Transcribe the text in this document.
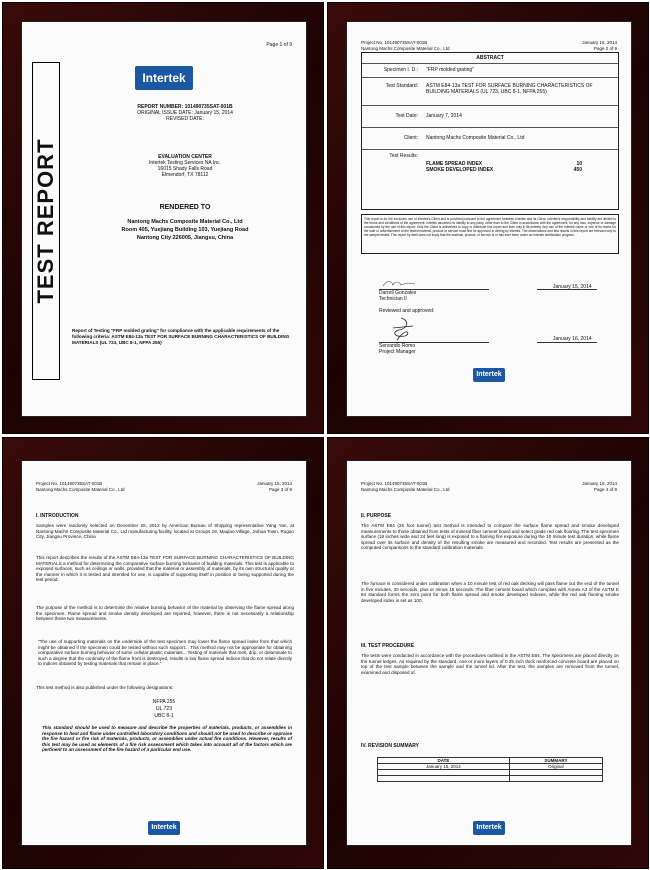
Page 1 of 9
Intertek
TEST REPORT
REPORT NUMBER: 101490735SAT-001B
ORIGINAL ISSUE DATE: January 15, 2014
REVISED DATE:
EVALUATION CENTER
Intertek Testing Services NA Inc.
16015 Shady Falls Road
Elmendorf, TX 78112
RENDERED TO
Nantong Machs Composite Material Co., Ltd
Room 405, Yuejiang Building 103, Yuejiang Road
Nantong City 226005, Jiangsu, China
Report of Testing "FRP molded grating" for compliance with the applicable requirements of the following criteria: ASTM E84-13a TEST FOR SURFACE BURNING CHARACTERISTICS OF BUILDING MATERIALS (UL 723, UBC 8-1, NFPA 255)
Project No. 101490735SAT-001B
Nantong Machs Composite Material Co., Ltd
January 15, 2014
Page 2 of 9
ABSTRACT
Specimen I. D.: "FRP molded grating"
Test Standard: ASTM E84-13a TEST FOR SURFACE BURNING CHARACTERISTICS OF BUILDING MATERIALS (UL 723, UBC 8-1, NFPA 255)
Test Date: January 7, 2014
Client: Nantong Machs Composite Material Co., Ltd
Test Results:
FLAME SPREAD INDEX	10
SMOKE DEVELOPED INDEX	450
This report is for the exclusive use of Intertek's Client and is provided pursuant to the agreement between Intertek and its Client. Intertek's responsibility and liability are limited to the terms and conditions of the agreement. Intertek assumes no liability to any party, other than to the Client in accordance with the agreement, for any loss, expense or damage occasioned by the use of this report. Only the Client is authorized to copy or distribute this report and then only in its entirety. Any use of the Intertek name or one of its marks for the sale or advertisement of the tested material, product or service must first be approved in writing by Intertek. The observations and test results in this report are relevant only to the sample tested. This report by itself does not imply that the material, product, or service is or has ever been under an Intertek certification program.
Darrell Gonzales
Technician II
January 15, 2014
Reviewed and approved:
Servando Romo
Project Manager
January 16, 2014
Intertek
Project No. 101490735SAT-001B
Nantong Machs Composite Material Co., Ltd
January 15, 2014
Page 3 of 9
I. INTRODUCTION
Samples were randomly selected on December 25, 2013 by American Bureau of Shipping representative Yang Yan, at Nantong Machs Composite Material Co., Ltd manufacturing facility, located at Groups 18, Maqiao Village, Jiuhua Town, Rugao City, Jiangsu Province, China
This report describes the results of the ASTM E84-13a TEST FOR SURFACE BURNING CHARACTERISTICS OF BUILDING MATERIALS a method for determining the comparative surface burning behavior of building materials. This test is applicable to exposed surfaces, such as ceilings or walls, provided that the material or assembly of materials, by its own structural quality or the manner in which it is tested and intended for use, is capable of supporting itself in position or being supported during the test period.
The purpose of the method is to determine the relative burning behavior of the material by observing the flame spread along the specimen. Flame spread and smoke density developed are reported, however, there is not necessarily a relationship between these two measurements.
"The use of supporting materials on the underside of the test specimen may lower the flame spread index from that which might be obtained if the specimen could be tested without such support... This method may not be appropriate for obtaining comparative surface burning behavior of some cellular plastic materials... Testing of materials that melt, drip, or delaminate to such a degree that the continuity of the flame front is destroyed, results in low flame spread indices that do not relate directly to indices obtained by testing materials that remain in place."
This test method is also published under the following designations:
NFPA 255
UL 723
UBC 8-1
This standard should be used to measure and describe the properties of materials, products, or assemblies in response to heat and flame under controlled laboratory conditions and should not be used to describe or appraise the fire hazard or fire risk of materials, products, or assemblies under actual fire conditions. However, results of this test may be used as elements of a fire risk assessment which takes into account all of the factors which are pertinent to an assessment of the fire hazard of a particular end use.
Intertek
Project No. 101490735SAT-001B
Nantong Machs Composite Material Co., Ltd
January 15, 2014
Page 4 of 9
II. PURPOSE
The ASTM E84 (25 foot tunnel) test method is intended to compare the surface flame spread and smoke developed measurements to those obtained from tests of mineral fiber cement board and select grade red oak flooring. The test specimen surface (18 inches wide and 24 feet long) is exposed to a flaming fire exposure during the 10 minute test duration, while flame spread over its surface and density of the resulting smoke are measured and recorded. Test results are presented as the computed comparisons to the standard calibration materials.
The furnace is considered under calibration when a 10 minute test of red oak decking will pass flame out the end of the tunnel in five minutes, 30 seconds, plus or minus 15 seconds. The fiber cement board which complies with Annex A3 of the ASTM E 84 standard forms the zero point for both flame spread and smoke developed indexes, while the red oak flooring smoke developed index is set as 100.
III. TEST PROCEDURE
The tests were conducted in accordance with the procedures outlined in the ASTM E84. The specimens are placed directly on the tunnel ledges. As required by the standard, one or more layers of 0.25 inch thick reinforced concrete board are placed on top of the test sample between the sample and the tunnel lid. After the test, the samples are removed from the tunnel, examined and disposed of.
IV. REVISION SUMMARY
DATE	SUMMARY
January 15, 2014	Original

Intertek
